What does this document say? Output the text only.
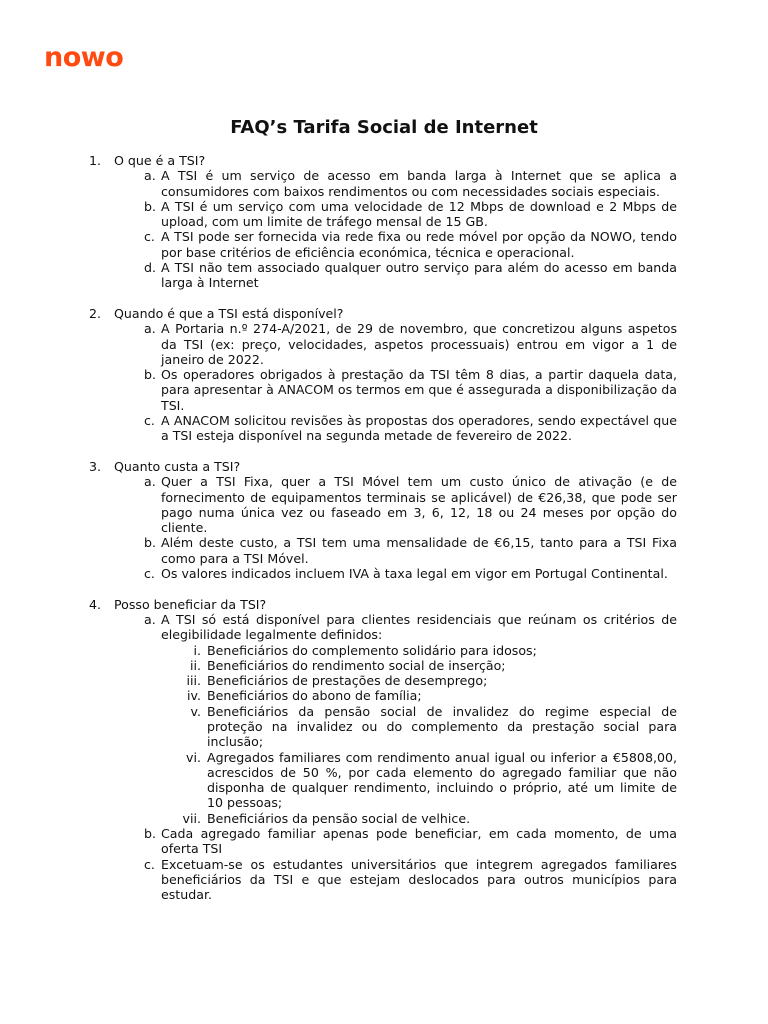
nowo
FAQ’s Tarifa Social de Internet
1. O que é a TSI?
a. A TSI é um serviço de acesso em banda larga à Internet que se aplica a consumidores com baixos rendimentos ou com necessidades sociais especiais.
b. A TSI é um serviço com uma velocidade de 12 Mbps de download e 2 Mbps de upload, com um limite de tráfego mensal de 15 GB.
c. A TSI pode ser fornecida via rede fixa ou rede móvel por opção da NOWO, tendo por base critérios de eficiência económica, técnica e operacional.
d. A TSI não tem associado qualquer outro serviço para além do acesso em banda larga à Internet
2. Quando é que a TSI está disponível?
a. A Portaria n.º 274-A/2021, de 29 de novembro, que concretizou alguns aspetos da TSI (ex: preço, velocidades, aspetos processuais) entrou em vigor a 1 de janeiro de 2022.
b. Os operadores obrigados à prestação da TSI têm 8 dias, a partir daquela data, para apresentar à ANACOM os termos em que é assegurada a disponibilização da TSI.
c. A ANACOM solicitou revisões às propostas dos operadores, sendo expectável que a TSI esteja disponível na segunda metade de fevereiro de 2022.
3. Quanto custa a TSI?
a. Quer a TSI Fixa, quer a TSI Móvel tem um custo único de ativação (e de fornecimento de equipamentos terminais se aplicável) de €26,38, que pode ser pago numa única vez ou faseado em 3, 6, 12, 18 ou 24 meses por opção do cliente.
b. Além deste custo, a TSI tem uma mensalidade de €6,15, tanto para a TSI Fixa como para a TSI Móvel.
c. Os valores indicados incluem IVA à taxa legal em vigor em Portugal Continental.
4. Posso beneficiar da TSI?
a. A TSI só está disponível para clientes residenciais que reúnam os critérios de elegibilidade legalmente definidos:
i. Beneficiários do complemento solidário para idosos;
ii. Beneficiários do rendimento social de inserção;
iii. Beneficiários de prestações de desemprego;
iv. Beneficiários do abono de família;
v. Beneficiários da pensão social de invalidez do regime especial de proteção na invalidez ou do complemento da prestação social para inclusão;
vi. Agregados familiares com rendimento anual igual ou inferior a €5808,00, acrescidos de 50 %, por cada elemento do agregado familiar que não disponha de qualquer rendimento, incluindo o próprio, até um limite de 10 pessoas;
vii. Beneficiários da pensão social de velhice.
b. Cada agregado familiar apenas pode beneficiar, em cada momento, de uma oferta TSI
c. Excetuam-se os estudantes universitários que integrem agregados familiares beneficiários da TSI e que estejam deslocados para outros municípios para estudar.
